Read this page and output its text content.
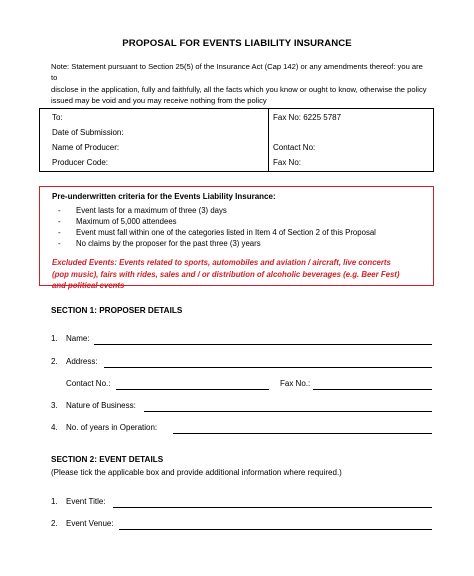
PROPOSAL FOR EVENTS LIABILITY INSURANCE
Note: Statement pursuant to Section 25(5) of the Insurance Act (Cap 142) or any amendments thereof: you are to
disclose in the application, fully and faithfully, all the facts which you know or ought to know, otherwise the policy
issued may be void and you may receive nothing from the policy
To:
Date of Submission:
Name of Producer:
Producer Code:
Fax No: 6225 5787
Contact No:
Fax No:
Pre-underwritten criteria for the Events Liability Insurance:
- Event lasts for a maximum of three (3) days
- Maximum of 5,000 attendees
- Event must fall within one of the categories listed in Item 4 of Section 2 of this Proposal
- No claims by the proposer for the past three (3) years
Excluded Events: Events related to sports, automobiles and aviation / aircraft, live concerts
(pop music), fairs with rides, sales and / or distribution of alcoholic beverages (e.g. Beer Fest)
and political events
SECTION 1: PROPOSER DETAILS
1. Name:
2. Address:
Contact No.:	Fax No.:
3. Nature of Business:
4. No. of years in Operation:
SECTION 2: EVENT DETAILS
(Please tick the applicable box and provide additional information where required.)
1. Event Title:
2. Event Venue:
